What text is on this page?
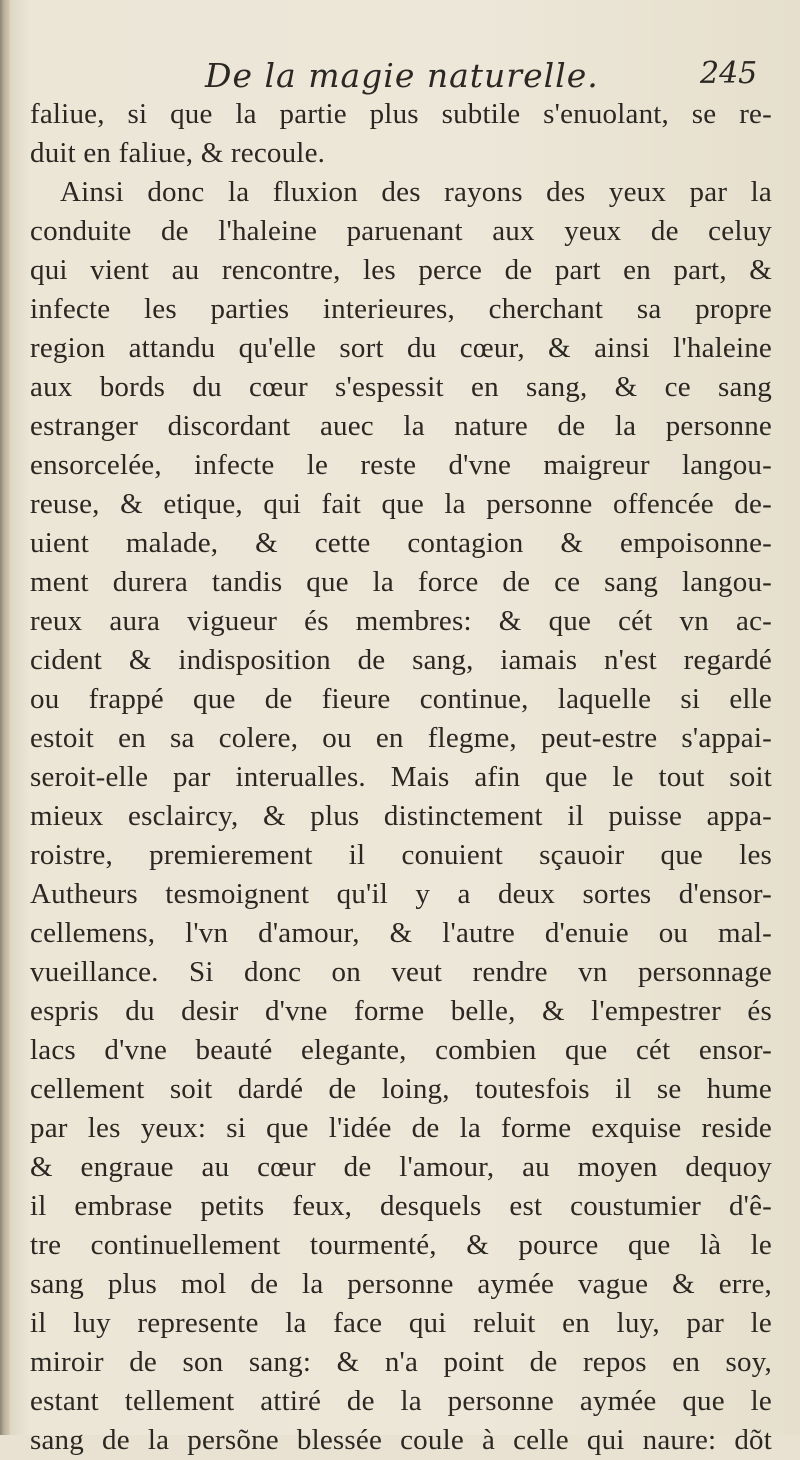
De la magie naturelle.	245
faliue, si que la partie plus subtile s'enuolant, se re-
duit en faliue, & recoule.
Ainsi donc la fluxion des rayons des yeux par la
conduite de l'haleine paruenant aux yeux de celuy
qui vient au rencontre, les perce de part en part, &
infecte les parties interieures, cherchant sa propre
region attandu qu'elle sort du cœur, & ainsi l'haleine
aux bords du cœur s'espessit en sang, & ce sang
estranger discordant auec la nature de la personne
ensorcelée, infecte le reste d'vne maigreur langou-
reuse, & etique, qui fait que la personne offencée de-
uient malade, & cette contagion & empoisonne-
ment durera tandis que la force de ce sang langou-
reux aura vigueur és membres: & que cét vn ac-
cident & indisposition de sang, iamais n'est regardé
ou frappé que de fieure continue, laquelle si elle
estoit en sa colere, ou en flegme, peut-estre s'appai-
seroit-elle par interualles. Mais afin que le tout soit
mieux esclaircy, & plus distinctement il puisse appa-
roistre, premierement il conuient sçauoir que les
Autheurs tesmoignent qu'il y a deux sortes d'ensor-
cellemens, l'vn d'amour, & l'autre d'enuie ou mal-
vueillance. Si donc on veut rendre vn personnage
espris du desir d'vne forme belle, & l'empestrer és
lacs d'vne beauté elegante, combien que cét ensor-
cellement soit dardé de loing, toutesfois il se hume
par les yeux: si que l'idée de la forme exquise reside
& engraue au cœur de l'amour, au moyen dequoy
il embrase petits feux, desquels est coustumier d'ê-
tre continuellement tourmenté, & pource que là le
sang plus mol de la personne aymée vague & erre,
il luy represente la face qui reluit en luy, par le
miroir de son sang: & n'a point de repos en soy,
estant tellement attiré de la personne aymée que le
sang de la persõne blessée coule à celle qui naure: dõt
